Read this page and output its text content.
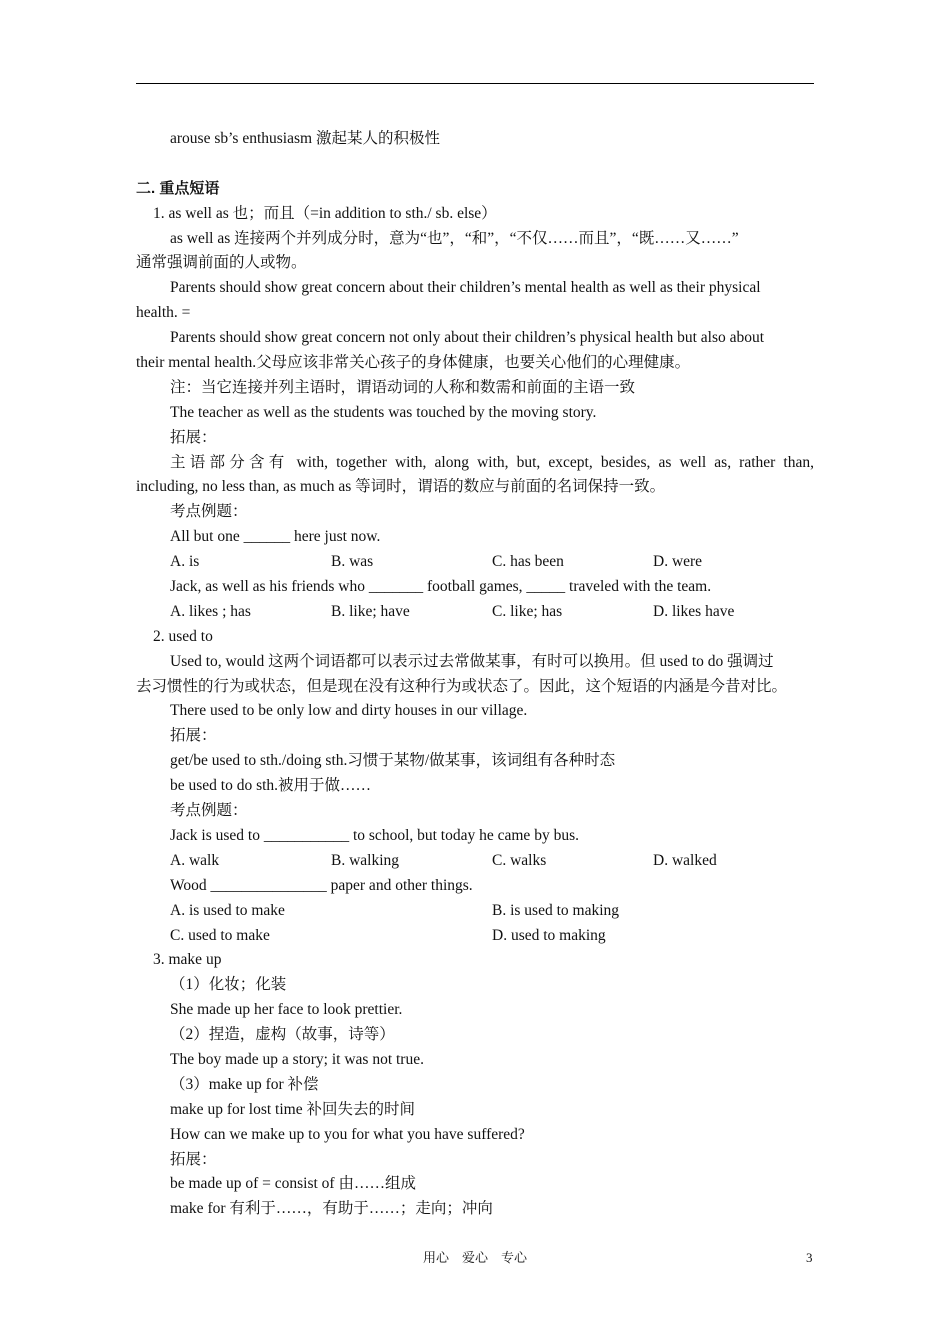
arouse sb’s enthusiasm 激起某人的积极性
二. 重点短语
1. as well as 也；而且（=in addition to sth./ sb. else）
as well as 连接两个并列成分时，意为“也”，“和”，“不仅……而且”，“既……又……”
通常强调前面的人或物。
Parents should show great concern about their children’s mental health as well as their physical
health. =
Parents should show great concern not only about their children’s physical health but also about
their mental health.父母应该非常关心孩子的身体健康，也要关心他们的心理健康。
注：当它连接并列主语时，谓语动词的人称和数需和前面的主语一致
The teacher as well as the students was touched by the moving story.
拓展：
主语部分含有 with, together with, along with, but, except, besides, as well as, rather than,
including, no less than, as much as 等词时，谓语的数应与前面的名词保持一致。
考点例题：
All but one ______ here just now.
A. is	B. was	C. has been	D. were
Jack, as well as his friends who _______ football games, _____ traveled with the team.
A. likes ; has	B. like; have	C. like; has	D. likes have
2. used to
Used to, would 这两个词语都可以表示过去常做某事，有时可以换用。但 used to do 强调过
去习惯性的行为或状态，但是现在没有这种行为或状态了。因此，这个短语的内涵是今昔对比。
There used to be only low and dirty houses in our village.
拓展：
get/be used to sth./doing sth.习惯于某物/做某事，该词组有各种时态
be used to do sth.被用于做……
考点例题：
Jack is used to ___________ to school, but today he came by bus.
A. walk	B. walking	C. walks	D. walked
Wood _______________ paper and other things.
A. is used to make	B. is used to making
C. used to make	D. used to making
3. make up
（1）化妆；化装
She made up her face to look prettier.
（2）捏造，虚构（故事，诗等）
The boy made up a story; it was not true.
（3）make up for 补偿
make up for lost time 补回失去的时间
How can we make up to you for what you have suffered?
拓展：
be made up of = consist of 由……组成
make for 有利于……，有助于……；走向；冲向
用心　爱心　专心	3
